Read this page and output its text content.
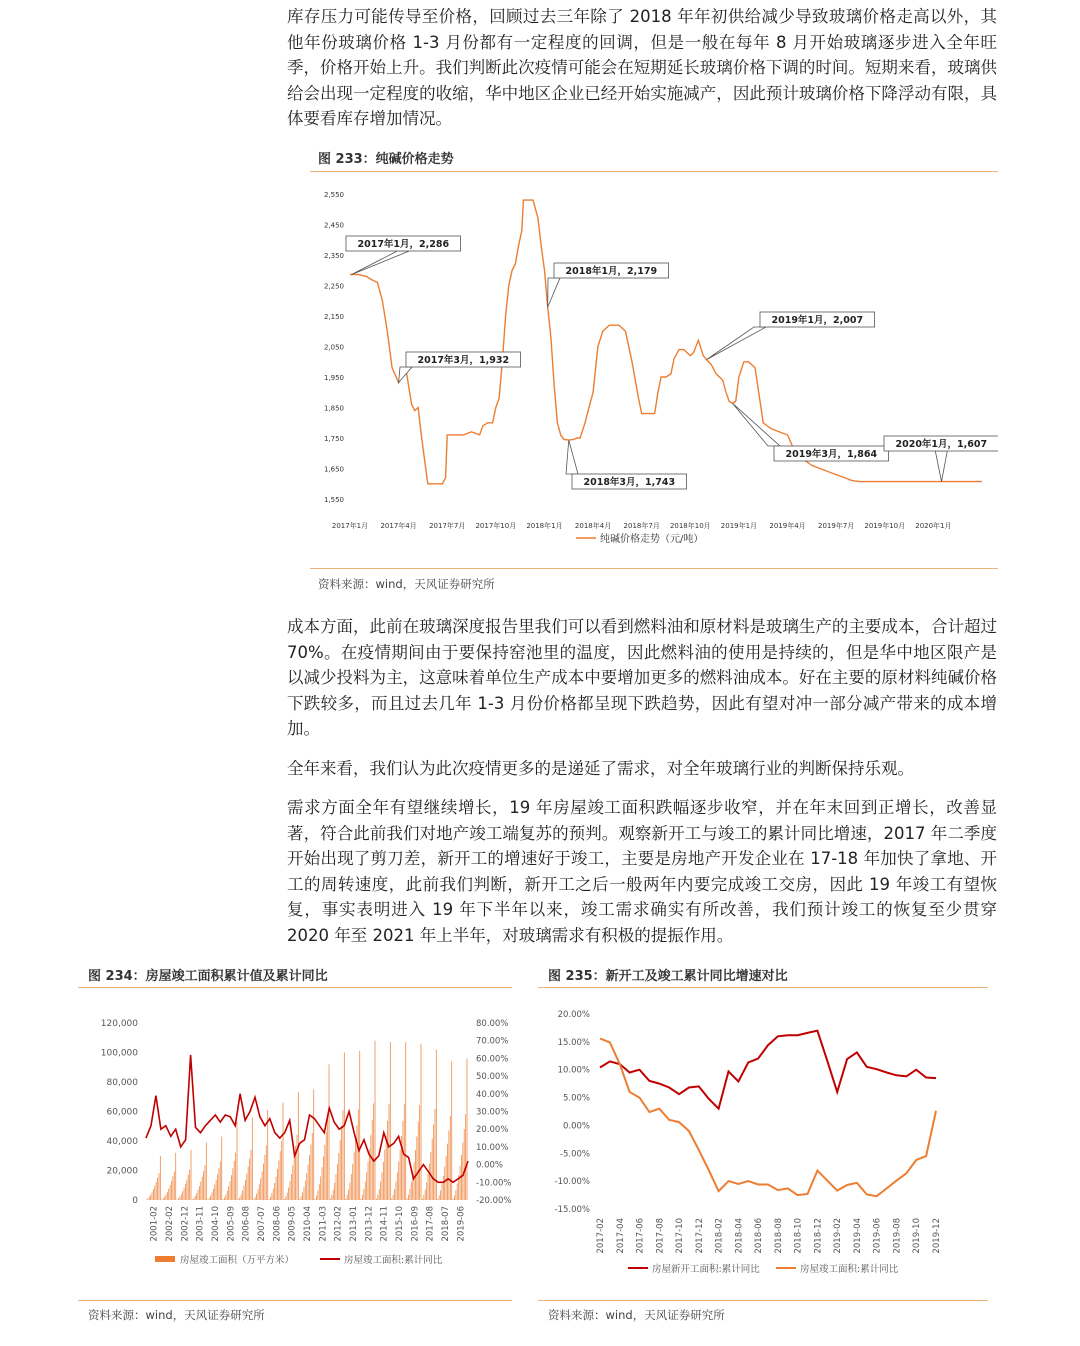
库存压力可能传导至价格，回顾过去三年除了 2018 年年初供给减少导致玻璃价格走高以外，其他年份玻璃价格 1-3 月份都有一定程度的回调，但是一般在每年 8 月开始玻璃逐步进入全年旺季，价格开始上升。我们判断此次疫情可能会在短期延长玻璃价格下调的时间。短期来看，玻璃供给会出现一定程度的收缩，华中地区企业已经开始实施减产，因此预计玻璃价格下降浮动有限，具体要看库存增加情况。

图 233：纯碱价格走势
2,550
2,450
2,350
2,250
2,150
2,050
1,950
1,850
1,750
1,650
1,550
2017年1月 2017年4月 2017年7月 2017年10月 2018年1月 2018年4月 2018年7月 2018年10月 2019年1月 2019年4月 2019年7月 2019年10月 2020年1月
2017年1月，2,286
2017年3月，1,932
2018年1月，2,179
2018年3月，1,743
2019年1月，2,007
2019年3月，1,864
2020年1月，1,607
纯碱价格走势（元/吨）
资料来源：wind，天风证券研究所

成本方面，此前在玻璃深度报告里我们可以看到燃料油和原材料是玻璃生产的主要成本，合计超过 70%。在疫情期间由于要保持窑池里的温度，因此燃料油的使用是持续的，但是华中地区限产是以减少投料为主，这意味着单位生产成本中要增加更多的燃料油成本。好在主要的原材料纯碱价格下跌较多，而且过去几年 1-3 月份价格都呈现下跌趋势，因此有望对冲一部分减产带来的成本增加。

全年来看，我们认为此次疫情更多的是递延了需求，对全年玻璃行业的判断保持乐观。

需求方面全年有望继续增长，19 年房屋竣工面积跌幅逐步收窄，并在年末回到正增长，改善显著，符合此前我们对地产竣工端复苏的预判。观察新开工与竣工的累计同比增速，2017 年二季度开始出现了剪刀差，新开工的增速好于竣工，主要是房地产开发企业在 17-18 年加快了拿地、开工的周转速度，此前我们判断，新开工之后一般两年内要完成竣工交房，因此 19 年竣工有望恢复，事实表明进入 19 年下半年以来，竣工需求确实有所改善，我们预计竣工的恢复至少贯穿 2020 年至 2021 年上半年，对玻璃需求有积极的提振作用。

图 234：房屋竣工面积累计值及累计同比
120,000
100,000
80,000
60,000
40,000
20,000
0
80.00%
70.00%
60.00%
50.00%
40.00%
30.00%
20.00%
10.00%
0.00%
-10.00%
-20.00%
2001-02 2002-02 2002-12 2003-11 2004-10 2005-09 2006-08 2007-07 2008-06 2009-05 2010-04 2011-03 2012-02 2013-01 2013-12 2014-11 2015-10 2016-09 2017-08 2018-07 2019-06
房屋竣工面积（万平方米）	房屋竣工面积:累计同比
资料来源：wind，天风证券研究所
图 235：新开工及竣工累计同比增速对比
20.00%
15.00%
10.00%
5.00%
0.00%
-5.00%
-10.00%
-15.00%
2017-02 2017-04 2017-06 2017-08 2017-10 2017-12 2018-02 2018-04 2018-06 2018-08 2018-10 2018-12 2019-02 2019-04 2019-06 2019-08 2019-10 2019-12
房屋新开工面积:累计同比	房屋竣工面积:累计同比
资料来源：wind，天风证券研究所
